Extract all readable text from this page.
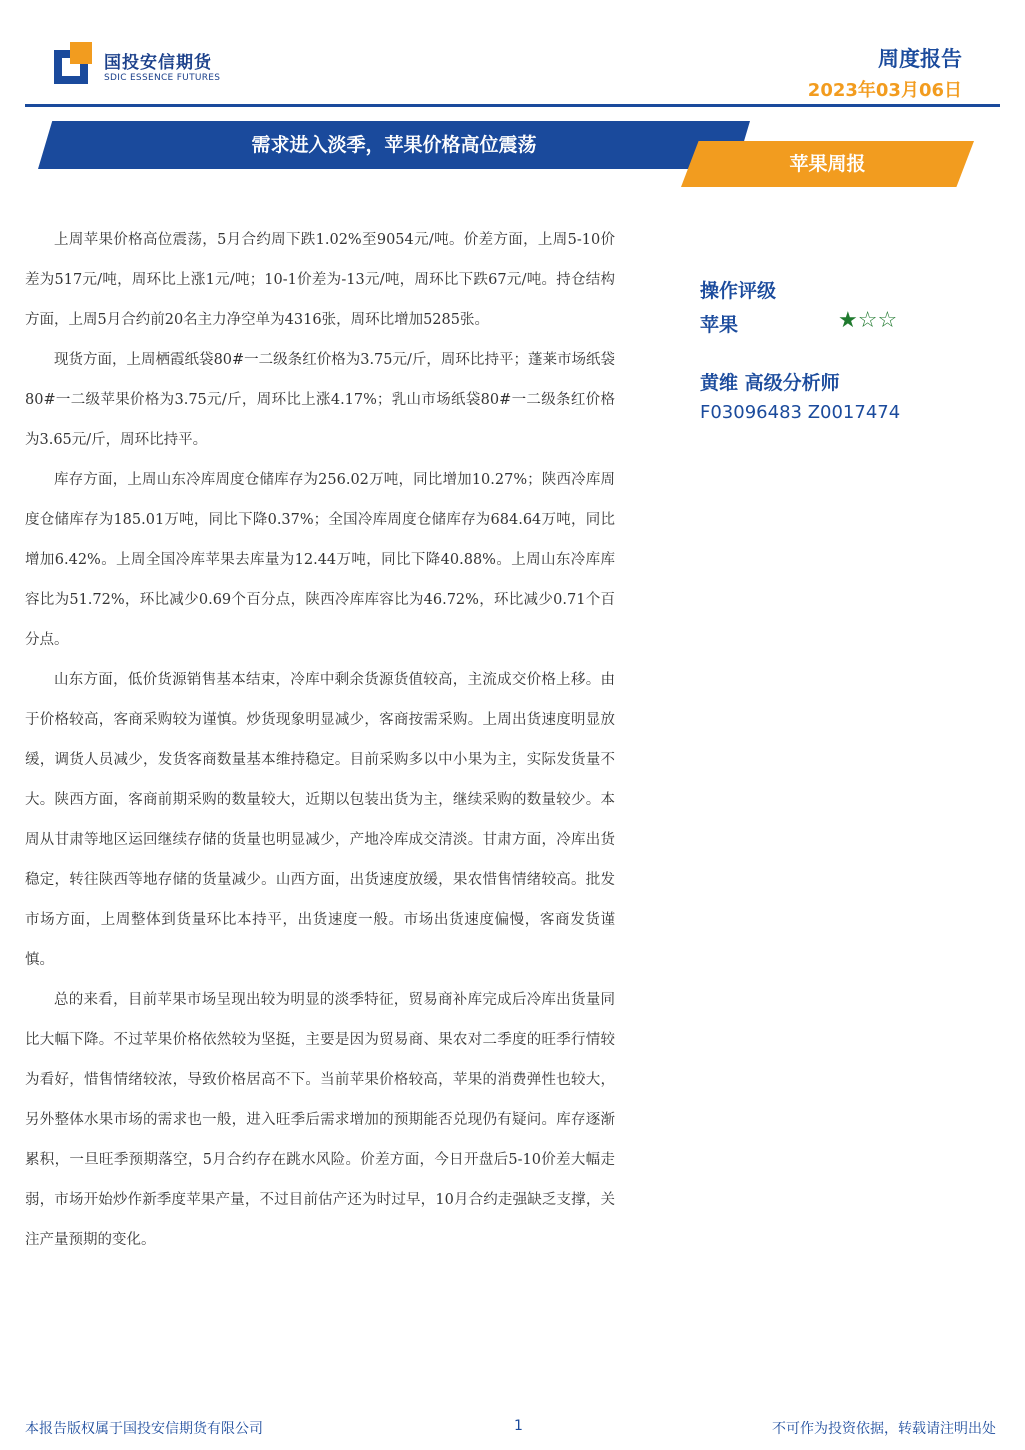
国投安信期货
SDIC ESSENCE FUTURES
周度报告
2023年03月06日
需求进入淡季，苹果价格高位震荡
苹果周报

上周苹果价格高位震荡，5月合约周下跌1.02%至9054元/吨。价差方面，上周5-10价差为517元/吨，周环比上涨1元/吨；10-1价差为-13元/吨，周环比下跌67元/吨。持仓结构方面，上周5月合约前20名主力净空单为4316张，周环比增加5285张。

现货方面，上周栖霞纸袋80#一二级条红价格为3.75元/斤，周环比持平；蓬莱市场纸袋80#一二级苹果价格为3.75元/斤，周环比上涨4.17%；乳山市场纸袋80#一二级条红价格为3.65元/斤，周环比持平。

库存方面，上周山东冷库周度仓储库存为256.02万吨，同比增加10.27%；陕西冷库周度仓储库存为185.01万吨，同比下降0.37%；全国冷库周度仓储库存为684.64万吨，同比增加6.42%。上周全国冷库苹果去库量为12.44万吨，同比下降40.88%。上周山东冷库库容比为51.72%，环比减少0.69个百分点，陕西冷库库容比为46.72%，环比减少0.71个百分点。

山东方面，低价货源销售基本结束，冷库中剩余货源货值较高，主流成交价格上移。由于价格较高，客商采购较为谨慎。炒货现象明显减少，客商按需采购。上周出货速度明显放缓，调货人员减少，发货客商数量基本维持稳定。目前采购多以中小果为主，实际发货量不大。陕西方面，客商前期采购的数量较大，近期以包装出货为主，继续采购的数量较少。本周从甘肃等地区运回继续存储的货量也明显减少，产地冷库成交清淡。甘肃方面，冷库出货稳定，转往陕西等地存储的货量减少。山西方面，出货速度放缓，果农惜售情绪较高。批发市场方面，上周整体到货量环比本持平，出货速度一般。市场出货速度偏慢，客商发货谨慎。

总的来看，目前苹果市场呈现出较为明显的淡季特征，贸易商补库完成后冷库出货量同比大幅下降。不过苹果价格依然较为坚挺，主要是因为贸易商、果农对二季度的旺季行情较为看好，惜售情绪较浓，导致价格居高不下。当前苹果价格较高，苹果的消费弹性也较大，另外整体水果市场的需求也一般，进入旺季后需求增加的预期能否兑现仍有疑问。库存逐渐累积，一旦旺季预期落空，5月合约存在跳水风险。价差方面，今日开盘后5-10价差大幅走弱，市场开始炒作新季度苹果产量，不过目前估产还为时过早，10月合约走强缺乏支撑，关注产量预期的变化。

操作评级
苹果	★☆☆
黄维 高级分析师
F03096483 Z0017474
本报告版权属于国投安信期货有限公司	1	不可作为投资依据，转载请注明出处
